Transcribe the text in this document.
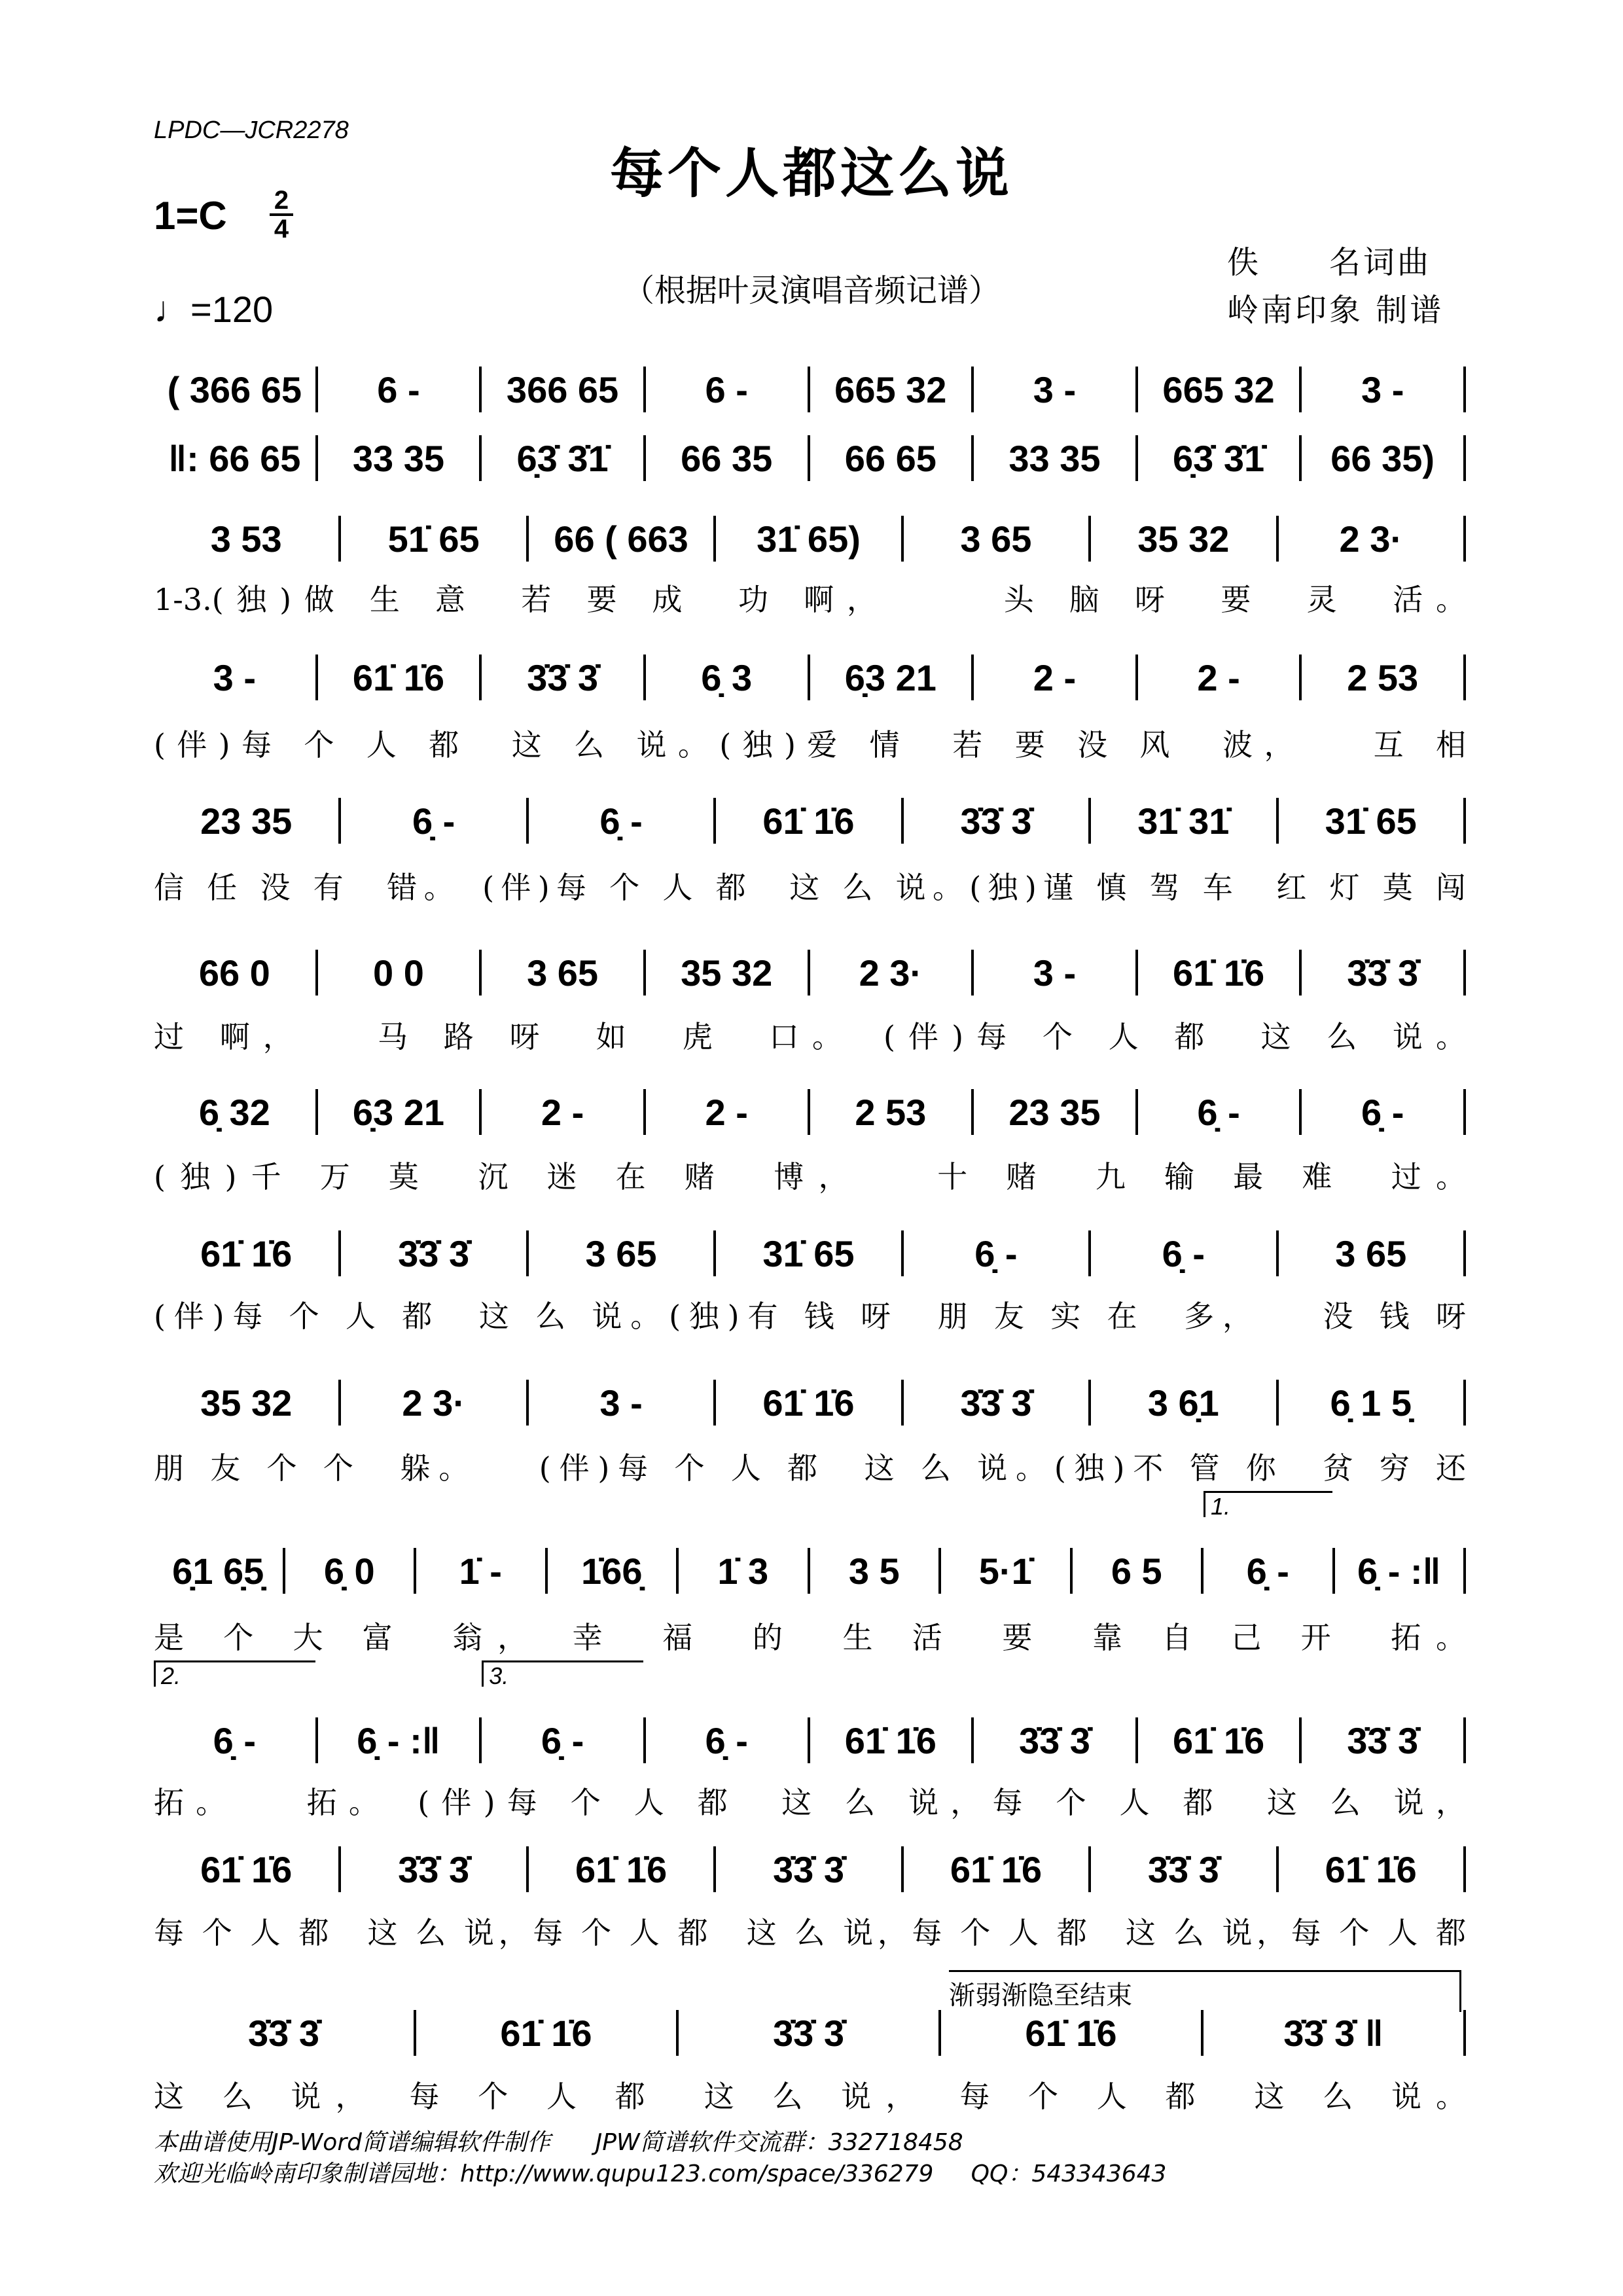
LPDC—JCR2278
每个人都这么说
1=C 2
4
♩=120	（根据叶灵演唱音频记谱）
佚　　名词曲
岭南印象 制谱
( 366 65	6 -	366 65	6 -	665 32	3 -	665 32	3 -
‖: 66 65	33 35	6̣3̇ 3̇1̇	66 35	66 65	33 35	6̣3̇ 3̇1̇	66 35)
3 53	51̇ 65	66 ( 663	31̇ 65)	3 65	35 32	2 3·
1-3.(独)做 生 意　若 要 成　功 啊，　　　头 脑 呀　要　灵　活。
3 -	61̇ 1̇6	3̇3̇ 3̇	6̣ 3	6̣3 21	2 -	2 -	2 53
(伴)每 个 人 都　这 么 说。(独)爱 情　若 要 没 风　波，　　互 相
23 35	6̣ -	6̣ -	61̇ 1̇6	3̇3̇ 3̇	31̇ 31̇	31̇ 65
信 任 没 有　错。　(伴)每 个 人 都　这 么 说。(独)谨 慎 驾 车　红 灯 莫 闯
66 0	0 0	3 65	35 32	2 3·	3 -	61̇ 1̇6	3̇3̇ 3̇
过 啊，　　马 路 呀　如　虎　口。　(伴)每 个 人 都　这 么 说。
6̣ 32	6̣3 21	2 -	2 -	2 53	23 35	6̣ -	6̣ -
(独)千 万 莫　沉 迷 在 赌　博，　　十 赌　九 输 最 难　过。
61̇ 1̇6	3̇3̇ 3̇	3 65	31̇ 65	6̣ -	6̣ -	3 65
(伴)每 个 人 都　这 么 说。(独)有 钱 呀　朋 友 实 在　多，　　没 钱 呀
35 32	2 3·	3 -	61̇ 1̇6	3̇3̇ 3̇	3 6̣1	6̣ 1 5̣
朋 友 个 个　躲。　　(伴)每 个 人 都　这 么 说。(独)不 管 你　贫 穷 还
6̣1 6̣5̣	6̣ 0	1̇ -	1̇66̣	1̇ 3	3 5	5·1̇	6 5	6̣ -
1.
6̣ - :‖
是 个 大 富　翁，　幸　福　的　生 活　要　靠 自 己 开　拓。
6̣ -
2.
6̣ - :‖	6̣ -
3.
6̣ -	61̇ 1̇6	3̇3̇ 3̇	61̇ 1̇6	3̇3̇ 3̇
拓。　　拓。　(伴)每 个 人 都　这 么 说，每 个 人 都　这 么 说，
61̇ 1̇6	3̇3̇ 3̇	61̇ 1̇6	3̇3̇ 3̇	61̇ 1̇6	3̇3̇ 3̇	61̇ 1̇6
每 个 人 都　这 么 说，每 个 人 都　这 么 说，每 个 人 都　这 么 说，每 个 人 都
3̇3̇ 3̇	61̇ 1̇6	3̇3̇ 3̇	61̇ 1̇6	3̇3̇ 3̇ ‖
这 么 说，　每 个 人 都　这 么 说，　每 个 人 都　这 么 说。
渐弱渐隐至结束
本曲谱使用JP-Word简谱编辑软件制作      JPW简谱软件交流群：332718458
欢迎光临岭南印象制谱园地：http://www.qupu123.com/space/336279     QQ：543343643
